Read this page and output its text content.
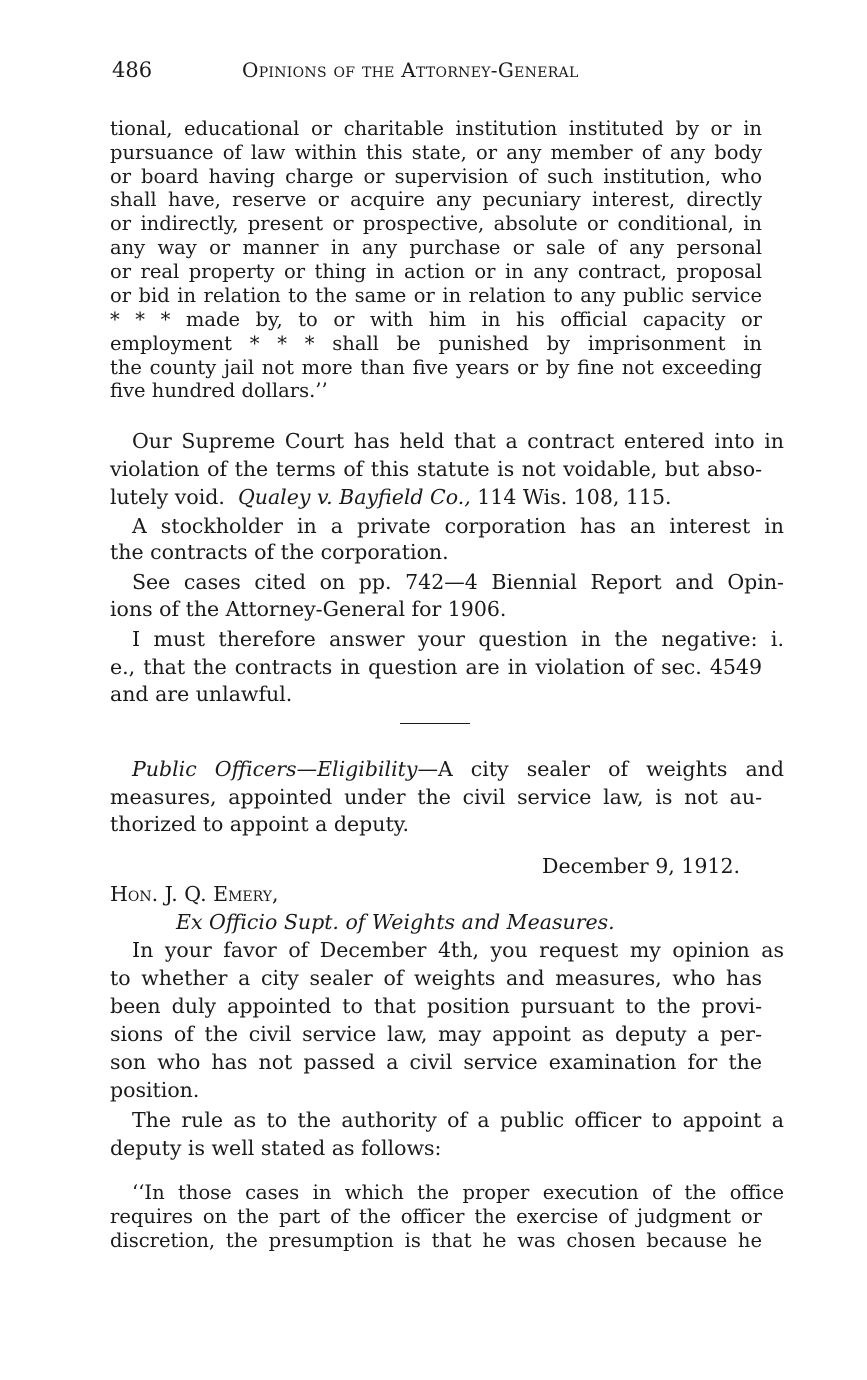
486	Opinions of the Attorney-General
tional, educational or charitable institution instituted by or in
pursuance of law within this state, or any member of any body
or board having charge or supervision of such institution, who
shall have, reserve or acquire any pecuniary interest, directly
or indirectly, present or prospective, absolute or conditional, in
any way or manner in any purchase or sale of any personal
or real property or thing in action or in any contract, proposal
or bid in relation to the same or in relation to any public service
* * * made by, to or with him in his official capacity or
employment * * * shall be punished by imprisonment in
the county jail not more than five years or by fine not exceeding
five hundred dollars.’’
Our Supreme Court has held that a contract entered into in
violation of the terms of this statute is not voidable, but abso-
lutely void. Qualey v. Bayfield Co., 114 Wis. 108, 115.
A stockholder in a private corporation has an interest in
the contracts of the corporation.
See cases cited on pp. 742—4 Biennial Report and Opin-
ions of the Attorney-General for 1906.
I must therefore answer your question in the negative: i.
e., that the contracts in question are in violation of sec. 4549
and are unlawful.
Public Officers—Eligibility—A city sealer of weights and
measures, appointed under the civil service law, is not au-
thorized to appoint a deputy.
December 9, 1912.
Hon. J. Q. Emery,
Ex Officio Supt. of Weights and Measures.
In your favor of December 4th, you request my opinion as
to whether a city sealer of weights and measures, who has
been duly appointed to that position pursuant to the provi-
sions of the civil service law, may appoint as deputy a per-
son who has not passed a civil service examination for the
position.
The rule as to the authority of a public officer to appoint a
deputy is well stated as follows:
‘‘In those cases in which the proper execution of the office
requires on the part of the officer the exercise of judgment or
discretion, the presumption is that he was chosen because he
